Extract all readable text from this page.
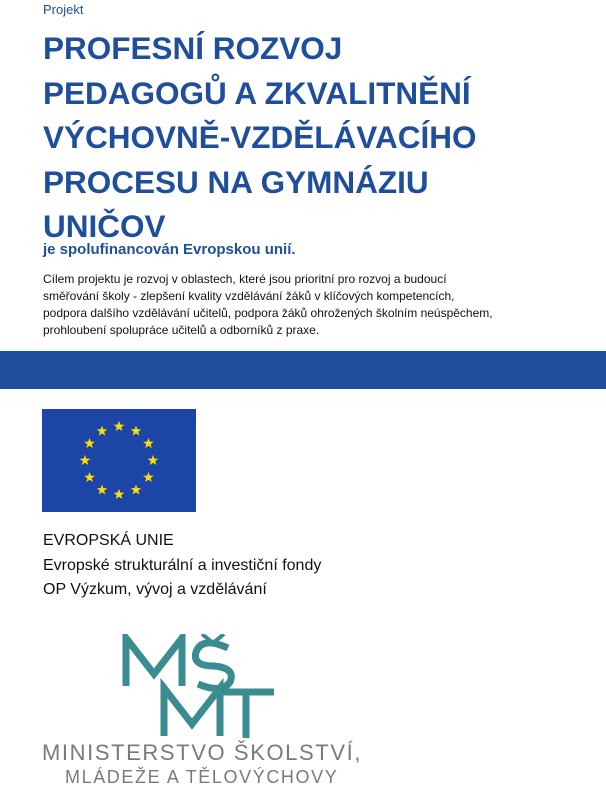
Projekt
PROFESNÍ ROZVOJ
PEDAGOGŮ A ZKVALITNĚNÍ
VÝCHOVNĚ-VZDĚLÁVACÍHO
PROCESU NA GYMNÁZIU
UNIČOV
je spolufinancován Evropskou unií.
Cílem projektu je rozvoj v oblastech, které jsou prioritní pro rozvoj a budoucí
směřování školy - zlepšení kvality vzdělávání žáků v klíčových kompetencích,
podpora dalšího vzdělávání učitelů, podpora žáků ohrožených školním neúspěchem,
prohloubení spolupráce učitelů a odborníků z praxe.
EVROPSKÁ UNIE
Evropské strukturální a investiční fondy
OP Výzkum, vývoj a vzdělávání
MINISTERSTVO ŠKOLSTVÍ,
MLÁDEŽE A TĚLOVÝCHOVY
